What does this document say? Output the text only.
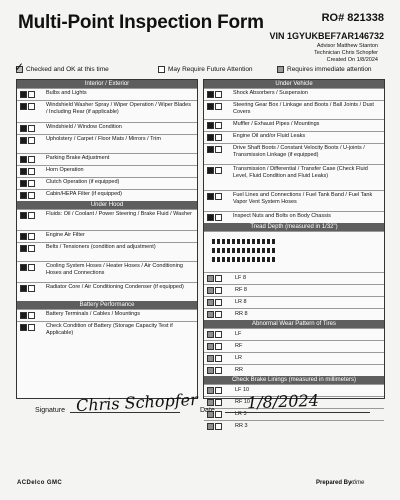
Multi-Point Inspection Form	RO# 821338
VIN 1GYUKBEF7AR146732
Advisor Matthew Stanton
Technician Chris Schopfer
Created On 1/8/2024
Checked and OK at this time
✓	May Require Future Attention	Requires immediate attention
Interior / Exterior
Bulbs and Lights
Windshield Washer Spray / Wiper Operation / Wiper Blades / Including Rear (if applicable)
Windshield / Window Condition
Upholstery / Carpet / Floor Mats / Mirrors / Trim
Parking Brake Adjustment
Horn Operation
Clutch Operation (if equipped)
Cabin/HEPA Filter (if equipped)
Under Hood
Fluids: Oil / Coolant / Power Steering / Brake Fluid / Washer
Engine Air Filter
Belts / Tensioners (condition and adjustment)
Cooling System Hoses / Heater Hoses / Air Conditioning Hoses and Connections
Radiator Core / Air Conditioning Condenser (if equipped)
Battery Performance
Battery Terminals / Cables / Mountings
Check Condition of Battery (Storage Capacity Test if Applicable)
Under Vehicle
Shock Absorbers / Suspension
Steering Gear Box / Linkage and Boots / Ball Joints / Dust Covers
Muffler / Exhaust Pipes / Mountings
Engine Oil and/or Fluid Leaks
Drive Shaft Boots / Constant Velocity Boots / U-joints / Transmission Linkage (if equipped)
Transmission / Differential / Transfer Case (Check Fluid Level, Fluid Condition and Fluid Leaks)
Fuel Lines and Connections / Fuel Tank Band / Fuel Tank Vapor Vent System Hoses
Inspect Nuts and Bolts on Body Chassis
Tread Depth (measured in 1/32")
LF 8
RF 8
LR 8
RR 8
Abnormal Wear Pattern of Tires
LF
RF
LR
RR
Check Brake Linings (measured in millimeters)
LF 10
RF 10
LR 3
RR 3
Signature Chris Schopfer Date 1/8/2024
ACDelco GMC	Prepared By
xtime
